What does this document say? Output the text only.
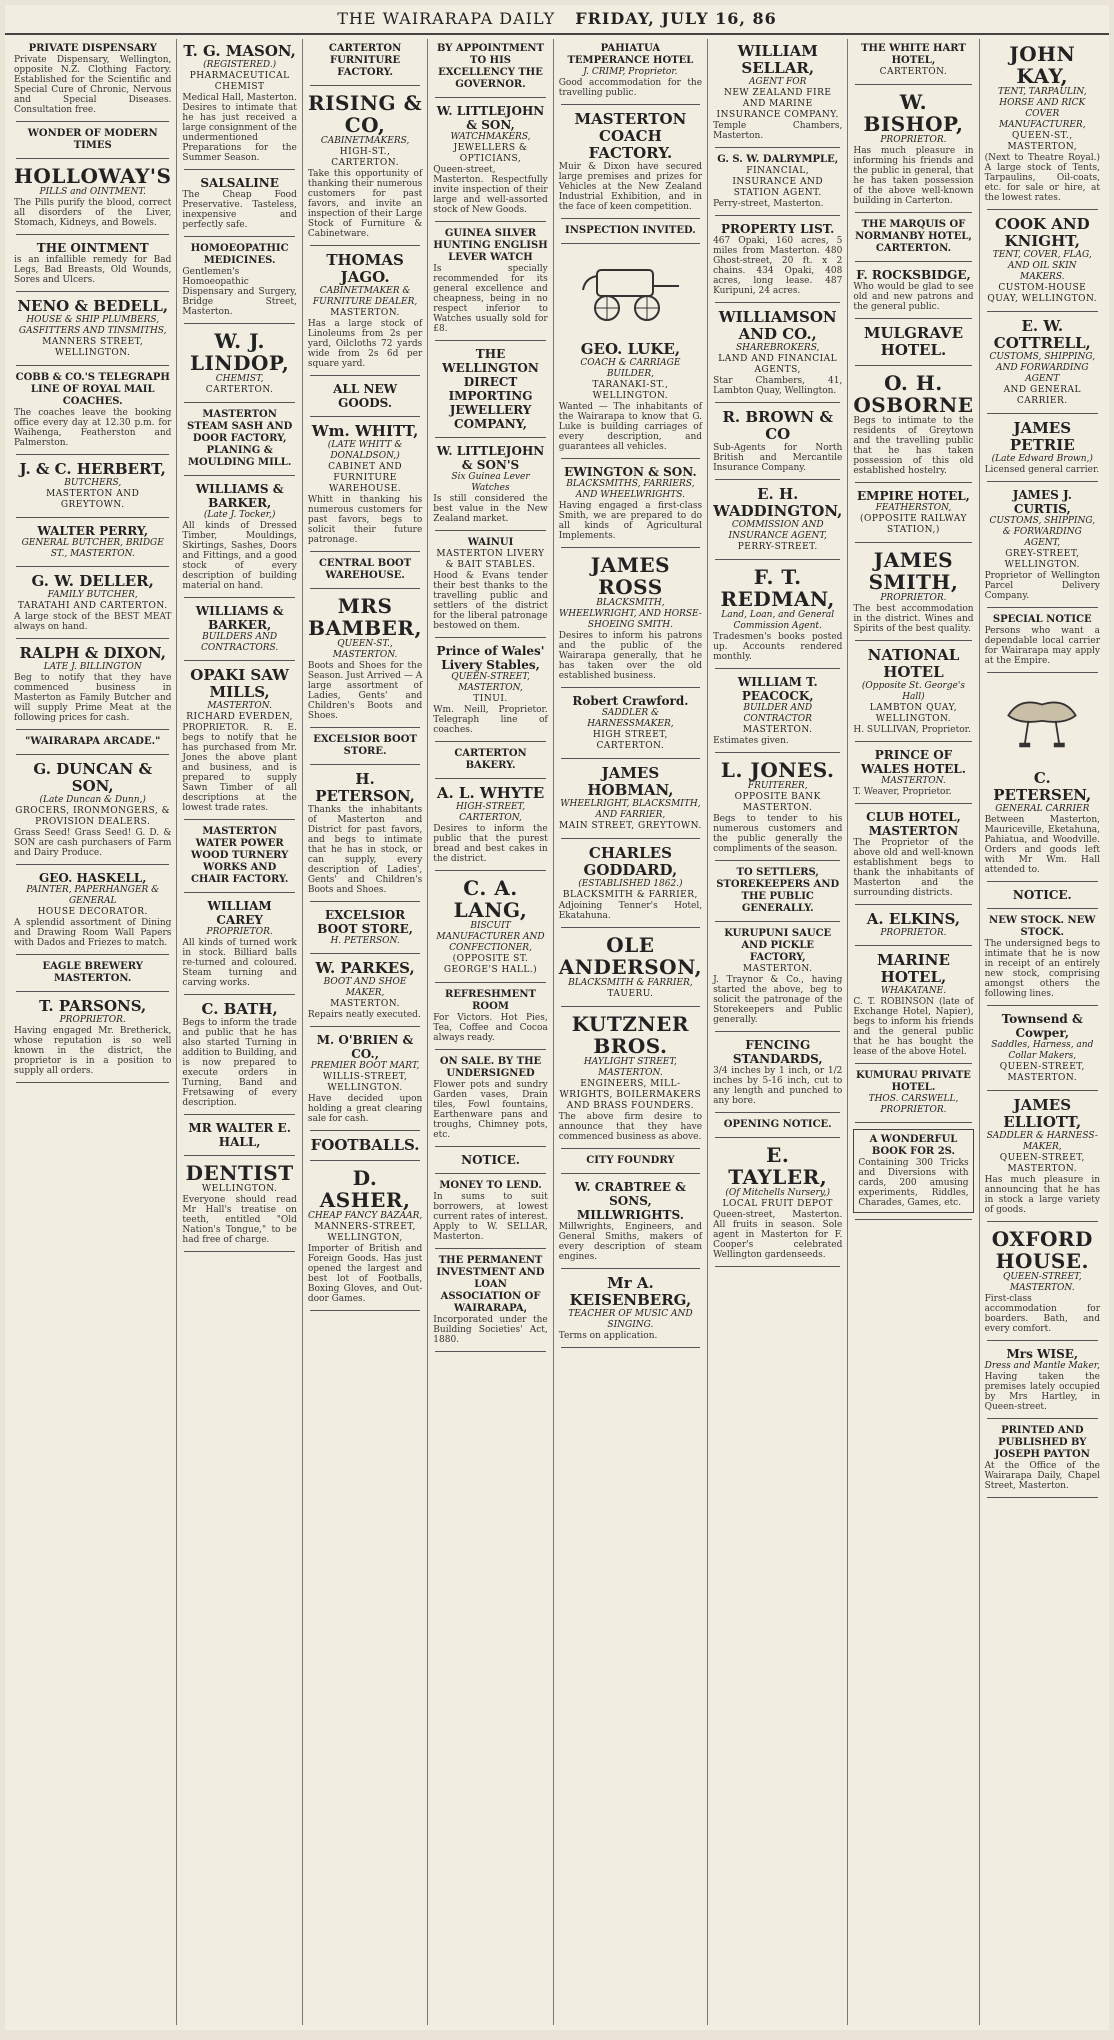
THE WAIRARAPA DAILY FRIDAY, JULY 16, 86
PRIVATE DISPENSARY
Private Dispensary, Wellington, opposite N.Z. Clothing Factory. Established for the Scientific and Special Cure of Chronic, Nervous and Special Diseases. Consultation free.
WONDER OF MODERN TIMES
HOLLOWAY'S
PILLS and OINTMENT.
The Pills purify the blood, correct all disorders of the Liver, Stomach, Kidneys, and Bowels.
THE OINTMENT
is an infallible remedy for Bad Legs, Bad Breasts, Old Wounds, Sores and Ulcers.
NENO & BEDELL,
HOUSE & SHIP PLUMBERS, GASFITTERS AND TINSMITHS,
MANNERS STREET, WELLINGTON.
COBB & CO.'S TELEGRAPH LINE OF ROYAL MAIL COACHES.
The coaches leave the booking office every day at 12.30 p.m. for Waihenga, Featherston and Palmerston.
J. & C. HERBERT,
BUTCHERS,
MASTERTON AND GREYTOWN.
WALTER PERRY,
GENERAL BUTCHER, BRIDGE ST., MASTERTON.
G. W. DELLER,
FAMILY BUTCHER,
TARATAHI AND CARTERTON.
A large stock of the BEST MEAT always on hand.
RALPH & DIXON,
LATE J. BILLINGTON
Beg to notify that they have commenced business in Masterton as Family Butcher and will supply Prime Meat at the following prices for cash.
"WAIRARAPA ARCADE."
G. DUNCAN & SON,
(Late Duncan & Dunn,)
GROCERS, IRONMONGERS, & PROVISION DEALERS.
Grass Seed! Grass Seed! G. D. & SON are cash purchasers of Farm and Dairy Produce.
GEO. HASKELL,
PAINTER, PAPERHANGER & GENERAL
HOUSE DECORATOR.
A splendid assortment of Dining and Drawing Room Wall Papers with Dados and Friezes to match.
EAGLE BREWERY MASTERTON.
T. PARSONS,
PROPRIETOR.
Having engaged Mr. Bretherick, whose reputation is so well known in the district, the proprietor is in a position to supply all orders.
T. G. MASON,
(REGISTERED.)
PHARMACEUTICAL CHEMIST
Medical Hall, Masterton. Desires to intimate that he has just received a large consignment of the undermentioned Preparations for the Summer Season.
SALSALINE
The Cheap Food Preservative. Tasteless, inexpensive and perfectly safe.
HOMOEOPATHIC MEDICINES.
Gentlemen's Homoeopathic Dispensary and Surgery, Bridge Street, Masterton.
W. J. LINDOP,
CHEMIST,
CARTERTON.
MASTERTON STEAM SASH AND DOOR FACTORY, PLANING & MOULDING MILL.
WILLIAMS & BARKER,
(Late J. Tocker,)
All kinds of Dressed Timber, Mouldings, Skirtings, Sashes, Doors and Fittings, and a good stock of every description of building material on hand.
WILLIAMS & BARKER,
BUILDERS AND CONTRACTORS.
OPAKI SAW MILLS,
MASTERTON.
RICHARD EVERDEN,
PROPRIETOR. R. E. begs to notify that he has purchased from Mr. Jones the above plant and business, and is prepared to supply Sawn Timber of all descriptions at the lowest trade rates.
MASTERTON WATER POWER WOOD TURNERY WORKS AND CHAIR FACTORY.
WILLIAM CAREY
PROPRIETOR.
All kinds of turned work in stock. Billiard balls re-turned and coloured. Steam turning and carving works.
C. BATH,
Begs to inform the trade and public that he has also started Turning in addition to Building, and is now prepared to execute orders in Turning, Band and Fretsawing of every description.
MR WALTER E. HALL,
DENTIST
WELLINGTON.
Everyone should read Mr Hall's treatise on teeth, entitled "Old Nation's Tongue," to be had free of charge.
CARTERTON FURNITURE FACTORY.
RISING & CO,
CABINETMAKERS,
HIGH-ST., CARTERTON.
Take this opportunity of thanking their numerous customers for past favors, and invite an inspection of their Large Stock of Furniture & Cabinetware.
THOMAS JAGO.
CABINETMAKER & FURNITURE DEALER,
MASTERTON.
Has a large stock of Linoleums from 2s per yard, Oilcloths 72 yards wide from 2s 6d per square yard.
ALL NEW GOODS.
Wm. WHITT,
(LATE WHITT & DONALDSON,)
CABINET AND FURNITURE WAREHOUSE.
Whitt in thanking his numerous customers for past favors, begs to solicit their future patronage.
CENTRAL BOOT WAREHOUSE.
MRS BAMBER,
QUEEN-ST., MASTERTON.
Boots and Shoes for the Season. Just Arrived — A large assortment of Ladies, Gents' and Children's Boots and Shoes.
EXCELSIOR BOOT STORE.
H. PETERSON,
Thanks the inhabitants of Masterton and District for past favors, and begs to intimate that he has in stock, or can supply, every description of Ladies', Gents' and Children's Boots and Shoes.
EXCELSIOR BOOT STORE,
H. PETERSON.
W. PARKES,
BOOT AND SHOE MAKER,
MASTERTON.
Repairs neatly executed.
M. O'BRIEN & CO.,
PREMIER BOOT MART,
WILLIS-STREET, WELLINGTON.
Have decided upon holding a great clearing sale for cash.
FOOTBALLS.
D. ASHER,
CHEAP FANCY BAZAAR,
MANNERS-STREET, WELLINGTON,
Importer of British and Foreign Goods. Has just opened the largest and best lot of Footballs, Boxing Gloves, and Out-door Games.
BY APPOINTMENT TO HIS EXCELLENCY THE GOVERNOR.
W. LITTLEJOHN & SON,
WATCHMAKERS,
JEWELLERS & OPTICIANS,
Queen-street, Masterton. Respectfully invite inspection of their large and well-assorted stock of New Goods.
GUINEA SILVER HUNTING ENGLISH LEVER WATCH
Is specially recommended for its general excellence and cheapness, being in no respect inferior to Watches usually sold for £8.
THE WELLINGTON DIRECT IMPORTING JEWELLERY COMPANY,
W. LITTLEJOHN & SON'S
Six Guinea Lever Watches
Is still considered the best value in the New Zealand market.
WAINUI
MASTERTON LIVERY & BAIT STABLES.
Hood & Evans tender their best thanks to the travelling public and settlers of the district for the liberal patronage bestowed on them.
Prince of Wales' Livery Stables,
QUEEN-STREET, MASTERTON,
TINUI.
Wm. Neill, Proprietor. Telegraph line of coaches.
CARTERTON BAKERY.
A. L. WHYTE
HIGH-STREET, CARTERTON,
Desires to inform the public that the purest bread and best cakes in the district.
C. A. LANG,
BISCUIT MANUFACTURER AND CONFECTIONER,
(OPPOSITE ST. GEORGE'S HALL.)
REFRESHMENT ROOM
For Victors. Hot Pies, Tea, Coffee and Cocoa always ready.
ON SALE. BY THE UNDERSIGNED
Flower pots and sundry Garden vases, Drain tiles, Fowl fountains, Earthenware pans and troughs, Chimney pots, etc.
NOTICE.
MONEY TO LEND.
In sums to suit borrowers, at lowest current rates of interest. Apply to W. SELLAR, Masterton.
THE PERMANENT INVESTMENT AND LOAN ASSOCIATION OF WAIRARAPA,
Incorporated under the Building Societies' Act, 1880.
PAHIATUA TEMPERANCE HOTEL
J. CRIMP, Proprietor.
Good accommodation for the travelling public.
MASTERTON COACH FACTORY.
Muir & Dixon have secured large premises and prizes for Vehicles at the New Zealand Industrial Exhibition, and in the face of keen competition.
INSPECTION INVITED.
GEO. LUKE,
COACH & CARRIAGE BUILDER,
TARANAKI-ST., WELLINGTON.
Wanted — The inhabitants of the Wairarapa to know that G. Luke is building carriages of every description, and guarantees all vehicles.
EWINGTON & SON.
BLACKSMITHS, FARRIERS, AND WHEELWRIGHTS.
Having engaged a first-class Smith, we are prepared to do all kinds of Agricultural Implements.
JAMES ROSS
BLACKSMITH, WHEELWRIGHT, AND HORSE-SHOEING SMITH.
Desires to inform his patrons and the public of the Wairarapa generally, that he has taken over the old established business.
Robert Crawford.
SADDLER & HARNESSMAKER,
HIGH STREET, CARTERTON.
JAMES HOBMAN,
WHEELRIGHT, BLACKSMITH, AND FARRIER,
MAIN STREET, GREYTOWN.
CHARLES GODDARD,
(ESTABLISHED 1862.)
BLACKSMITH & FARRIER,
Adjoining Tenner's Hotel, Ekatahuna.
OLE ANDERSON,
BLACKSMITH & FARRIER,
TAUERU.
KUTZNER BROS.
HAYLIGHT STREET, MASTERTON.
ENGINEERS, MILL-WRIGHTS, BOILERMAKERS AND BRASS FOUNDERS.
The above firm desire to announce that they have commenced business as above.
CITY FOUNDRY
W. CRABTREE & SONS, MILLWRIGHTS.
Millwrights, Engineers, and General Smiths, makers of every description of steam engines.
Mr A. KEISENBERG,
TEACHER OF MUSIC AND SINGING.
Terms on application.
WILLIAM SELLAR,
AGENT FOR
NEW ZEALAND FIRE AND MARINE INSURANCE COMPANY.
Temple Chambers, Masterton.
G. S. W. DALRYMPLE,
FINANCIAL, INSURANCE AND STATION AGENT.
Perry-street, Masterton.
PROPERTY LIST.
467 Opaki, 160 acres, 5 miles from Masterton. 480 Ghost-street, 20 ft. x 2 chains. 434 Opaki, 408 acres, long lease. 487 Kuripuni, 24 acres.
WILLIAMSON AND CO.,
SHAREBROKERS,
LAND AND FINANCIAL AGENTS,
Star Chambers, 41, Lambton Quay, Wellington.
R. BROWN & CO
Sub-Agents for North British and Mercantile Insurance Company.
E. H. WADDINGTON,
COMMISSION AND INSURANCE AGENT,
PERRY-STREET.
F. T. REDMAN,
Land, Loan, and General Commission Agent.
Tradesmen's books posted up. Accounts rendered monthly.
WILLIAM T. PEACOCK,
BUILDER AND CONTRACTOR
MASTERTON.
Estimates given.
L. JONES.
FRUITERER,
OPPOSITE BANK MASTERTON.
Begs to tender to his numerous customers and the public generally the compliments of the season.
TO SETTLERS, STOREKEEPERS AND THE PUBLIC GENERALLY.
KURUPUNI SAUCE AND PICKLE FACTORY,
MASTERTON.
J. Traynor & Co., having started the above, beg to solicit the patronage of the Storekeepers and Public generally.
FENCING STANDARDS,
3/4 inches by 1 inch, or 1/2 inches by 5-16 inch, cut to any length and punched to any bore.
OPENING NOTICE.
E. TAYLER,
(Of Mitchells Nursery,)
LOCAL FRUIT DEPOT
Queen-street, Masterton. All fruits in season. Sole agent in Masterton for F. Cooper's celebrated Wellington gardenseeds.
THE WHITE HART HOTEL,
CARTERTON.
W. BISHOP,
PROPRIETOR.
Has much pleasure in informing his friends and the public in general, that he has taken possession of the above well-known building in Carterton.
THE MARQUIS OF NORMANBY HOTEL, CARTERTON.
F. ROCKSBIDGE,
Who would be glad to see old and new patrons and the general public.
MULGRAVE HOTEL.
O. H. OSBORNE
Begs to intimate to the residents of Greytown and the travelling public that he has taken possession of this old established hostelry.
EMPIRE HOTEL,
FEATHERSTON,
(OPPOSITE RAILWAY STATION,)
JAMES SMITH,
PROPRIETOR.
The best accommodation in the district. Wines and Spirits of the best quality.
NATIONAL HOTEL
(Opposite St. George's Hall)
LAMBTON QUAY, WELLINGTON.
H. SULLIVAN, Proprietor.
PRINCE OF WALES HOTEL.
MASTERTON.
T. Weaver, Proprietor.
CLUB HOTEL, MASTERTON
The Proprietor of the above old and well-known establishment begs to thank the inhabitants of Masterton and the surrounding districts.
A. ELKINS,
PROPRIETOR.
MARINE HOTEL,
WHAKATANE.
C. T. ROBINSON (late of Exchange Hotel, Napier), begs to inform his friends and the general public that he has bought the lease of the above Hotel.
KUMURAU PRIVATE HOTEL.
THOS. CARSWELL, PROPRIETOR.
A WONDERFUL BOOK FOR 2S.
Containing 300 Tricks and Diversions with cards, 200 amusing experiments, Riddles, Charades, Games, etc.
JOHN KAY,
TENT, TARPAULIN, HORSE AND RICK COVER MANUFACTURER,
QUEEN-ST., MASTERTON,
(Next to Theatre Royal.) A large stock of Tents, Tarpaulins, Oil-coats, etc. for sale or hire, at the lowest rates.
COOK AND KNIGHT,
TENT, COVER, FLAG, AND OIL SKIN MAKERS.
CUSTOM-HOUSE QUAY, WELLINGTON.
E. W. COTTRELL,
CUSTOMS, SHIPPING, AND FORWARDING AGENT
AND GENERAL CARRIER.
JAMES PETRIE
(Late Edward Brown,)
Licensed general carrier.
JAMES J. CURTIS,
CUSTOMS, SHIPPING, & FORWARDING AGENT,
GREY-STREET, WELLINGTON.
Proprietor of Wellington Parcel Delivery Company.
SPECIAL NOTICE
Persons who want a dependable local carrier for Wairarapa may apply at the Empire.
C. PETERSEN,
GENERAL CARRIER
Between Masterton, Mauriceville, Eketahuna, Pahiatua, and Woodville. Orders and goods left with Mr Wm. Hall attended to.
NOTICE.
NEW STOCK. NEW STOCK.
The undersigned begs to intimate that he is now in receipt of an entirely new stock, comprising amongst others the following lines.
Townsend & Cowper,
Saddles, Harness, and Collar Makers,
QUEEN-STREET, MASTERTON.
JAMES ELLIOTT,
SADDLER & HARNESS-MAKER,
QUEEN-STREET, MASTERTON.
Has much pleasure in announcing that he has in stock a large variety of goods.
OXFORD HOUSE.
QUEEN-STREET, MASTERTON.
First-class accommodation for boarders. Bath, and every comfort.
Mrs WISE,
Dress and Mantle Maker,
Having taken the premises lately occupied by Mrs Hartley, in Queen-street.
PRINTED AND PUBLISHED BY JOSEPH PAYTON
At the Office of the Wairarapa Daily, Chapel Street, Masterton.
